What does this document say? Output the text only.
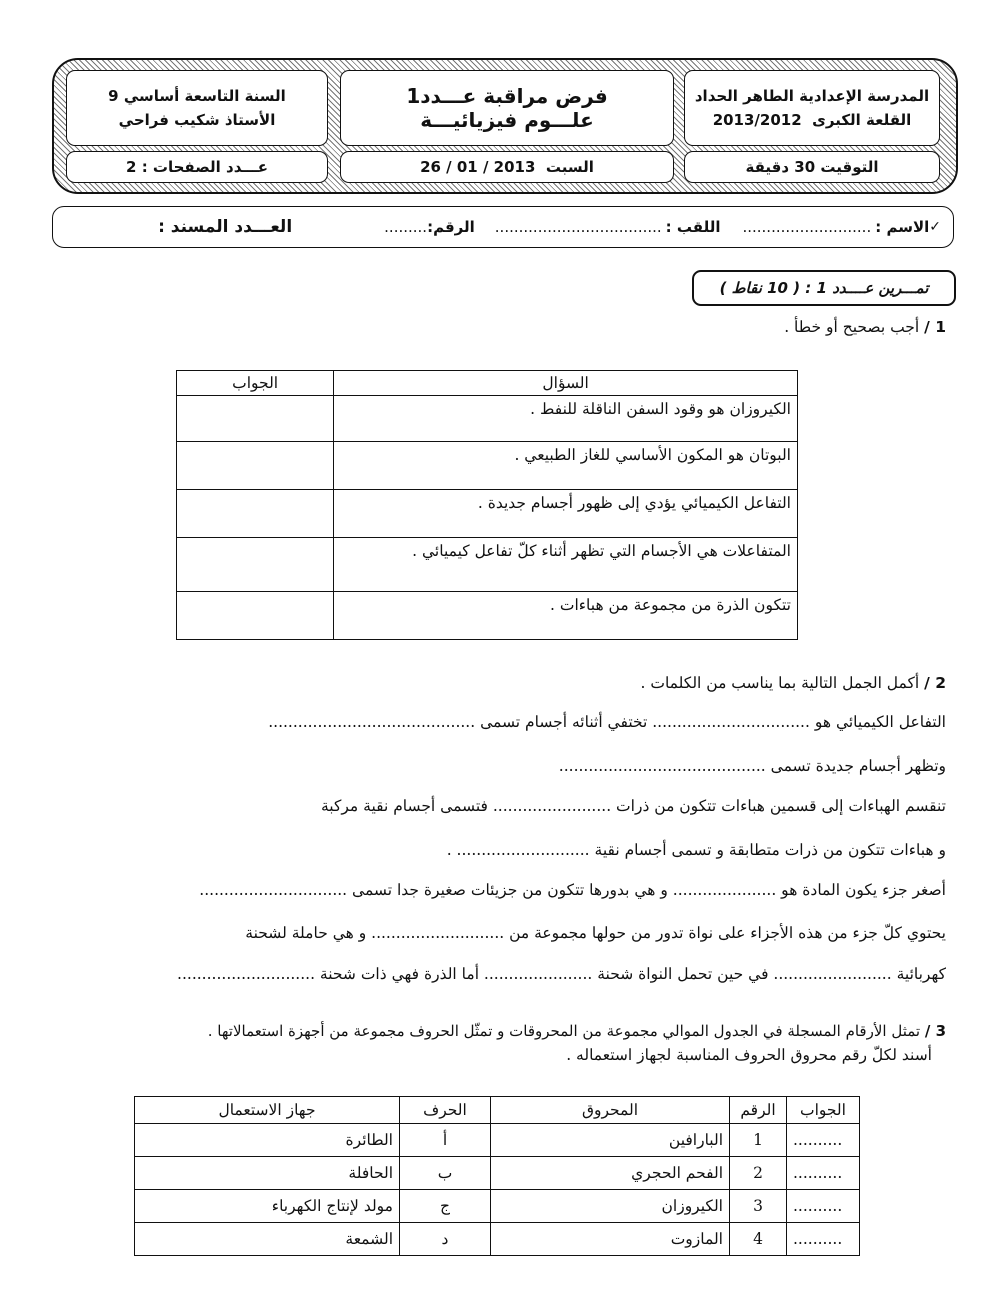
المدرسة الإعدادية الطاهر الحداد
القلعة الكبرى  2013/2012
التوقيت 30 دقيقة
فرض مراقبة عـــدد1
علـــوم فيزيائيـــة
السبت  26 / 01 / 2013
السنة التاسعة أساسي 9
الأستاذ شكيب فراحي
عـــدد الصفحات : 2
✓
الاسم :
...........................
اللقب :
...................................
الرقم:
.........
العـــدد المسند :
تمـــرين عــــدد 1 : ( 10 نقاط )
1 / أجب بصحيح أو خطأ .
السؤال	الجواب
الكيروزان هو وقود السفن الناقلة للنفط .	
البوتان هو المكون الأساسي للغاز الطبيعي .	
التفاعل الكيميائي يؤدي إلى ظهور أجسام جديدة .	
المتفاعلات هي الأجسام التي تظهر أثناء كلّ تفاعل كيميائي .	
تتكون الذرة من مجموعة من هباءات .	
2 / أكمل الجمل التالية بما يناسب من الكلمات .
التفاعل الكيميائي هو ................................ تختفي أثنائه أجسام تسمى ..........................................
وتظهر أجسام جديدة تسمى ..........................................
تنقسم الهباءات إلى قسمين هباءات تتكون من ذرات ........................ فتسمى أجسام نقية مركبة
و هباءات تتكون من ذرات متطابقة و تسمى أجسام نقية ........................... .
أصغر جزء يكون المادة هو ..................... و هي بدورها تتكون من جزيئات صغيرة جدا تسمى ..............................
يحتوي كلّ جزء من هذه الأجزاء على نواة تدور من حولها مجموعة من ........................... و هي حاملة لشحنة
كهربائية ........................ في حين تحمل النواة شحنة ...................... أما الذرة فهي ذات شحنة ............................
3 / تمثل الأرقام المسجلة في الجدول الموالي مجموعة من المحروقات و تمثّل الحروف مجموعة من أجهزة استعمالاتها .
أسند لكلّ رقم محروق الحروف المناسبة لجهاز استعماله .
الجواب	الرقم	المحروق	الحرف	جهاز الاستعمال
..........	1	البارافين	أ	الطائرة
..........	2	الفحم الحجري	ب	الحافلة
..........	3	الكيروزان	ج	مولد لإنتاج الكهرباء
..........	4	المازوت	د	الشمعة
